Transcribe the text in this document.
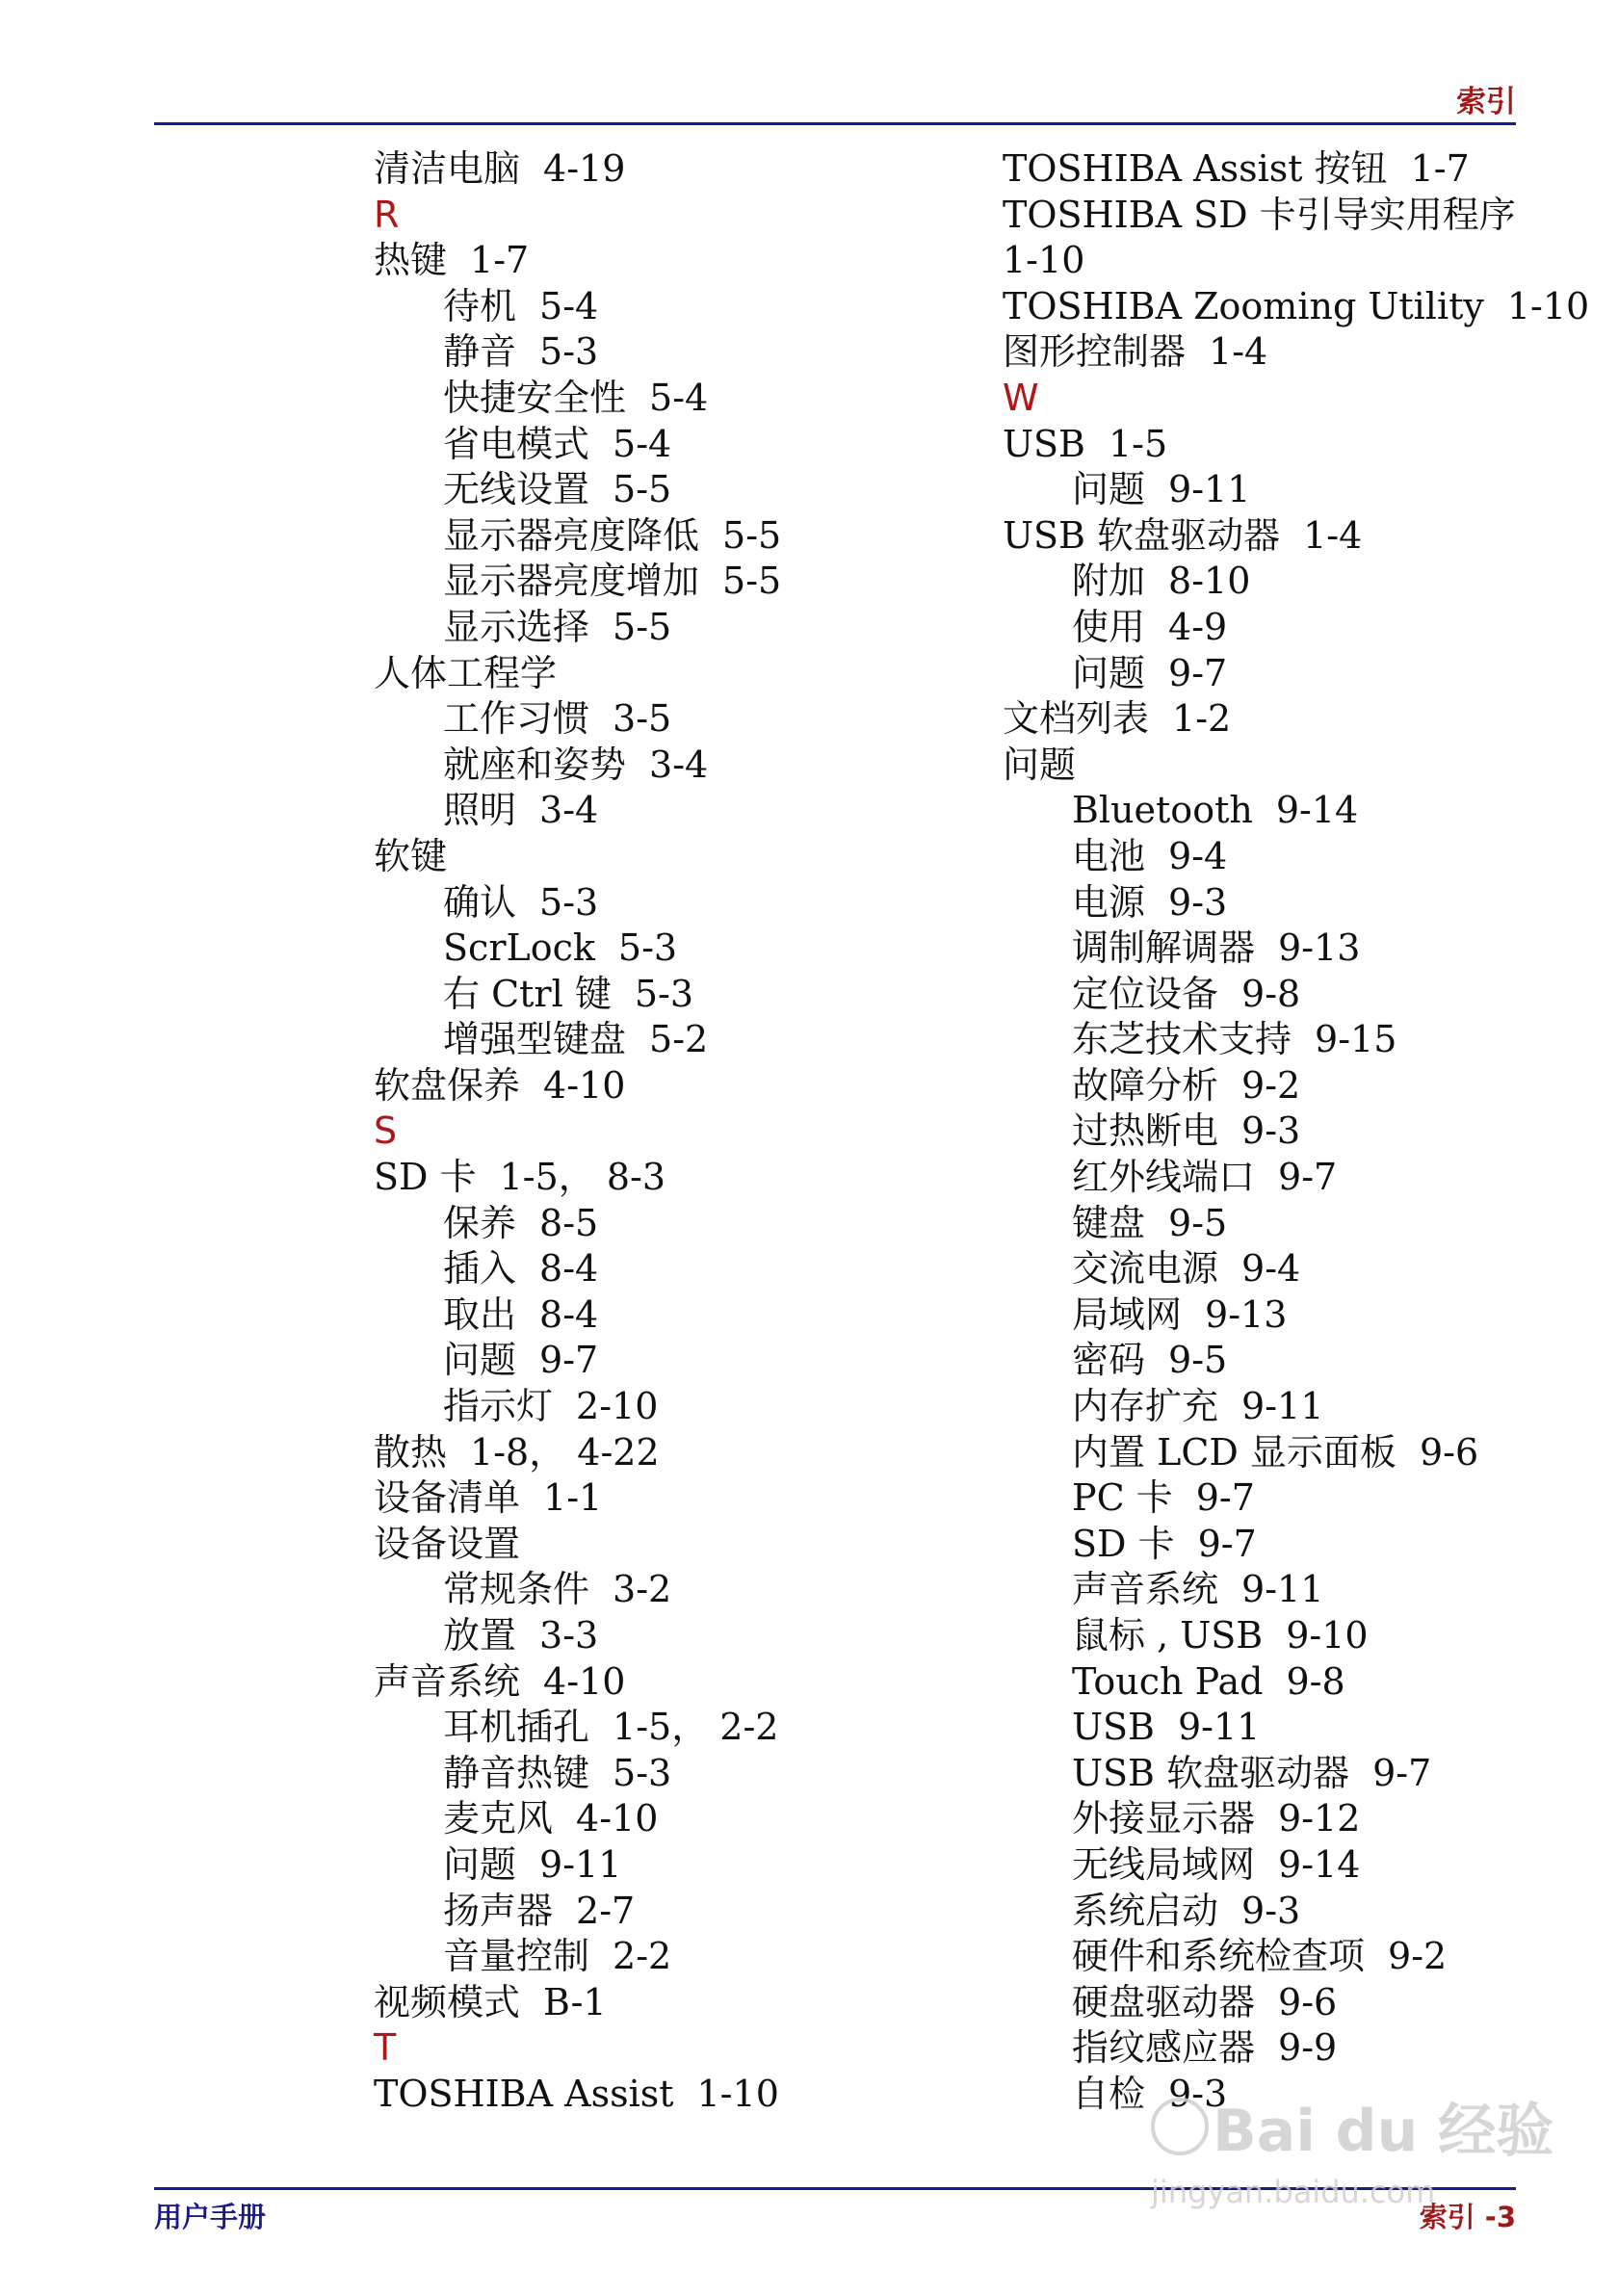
索引
清洁电脑 4-19
R
热键 1-7
待机 5-4
静音 5-3
快捷安全性 5-4
省电模式 5-4
无线设置 5-5
显示器亮度降低 5-5
显示器亮度增加 5-5
显示选择 5-5
人体工程学
工作习惯 3-5
就座和姿势 3-4
照明 3-4
软键
确认 5-3
ScrLock 5-3
右 Ctrl 键 5-3
增强型键盘 5-2
软盘保养 4-10
S
SD 卡 1-5， 8-3
保养 8-5
插入 8-4
取出 8-4
问题 9-7
指示灯 2-10
散热 1-8， 4-22
设备清单 1-1
设备设置
常规条件 3-2
放置 3-3
声音系统 4-10
耳机插孔 1-5， 2-2
静音热键 5-3
麦克风 4-10
问题 9-11
扬声器 2-7
音量控制 2-2
视频模式 B-1
T
TOSHIBA Assist 1-10
TOSHIBA Assist 按钮 1-7
TOSHIBA SD 卡引导实用程序
1-10
TOSHIBA Zooming Utility 1-10
图形控制器 1-4
W
USB 1-5
问题 9-11
USB 软盘驱动器 1-4
附加 8-10
使用 4-9
问题 9-7
文档列表 1-2
问题
Bluetooth 9-14
电池 9-4
电源 9-3
调制解调器 9-13
定位设备 9-8
东芝技术支持 9-15
故障分析 9-2
过热断电 9-3
红外线端口 9-7
键盘 9-5
交流电源 9-4
局域网 9-13
密码 9-5
内存扩充 9-11
内置 LCD 显示面板 9-6
PC 卡 9-7
SD 卡 9-7
声音系统 9-11
鼠标 , USB 9-10
Touch Pad 9-8
USB 9-11
USB 软盘驱动器 9-7
外接显示器 9-12
无线局域网 9-14
系统启动 9-3
硬件和系统检查项 9-2
硬盘驱动器 9-6
指纹感应器 9-9
自检 9-3
用户手册	索引 -3
Bai du 经验
jingyan.baidu.com
